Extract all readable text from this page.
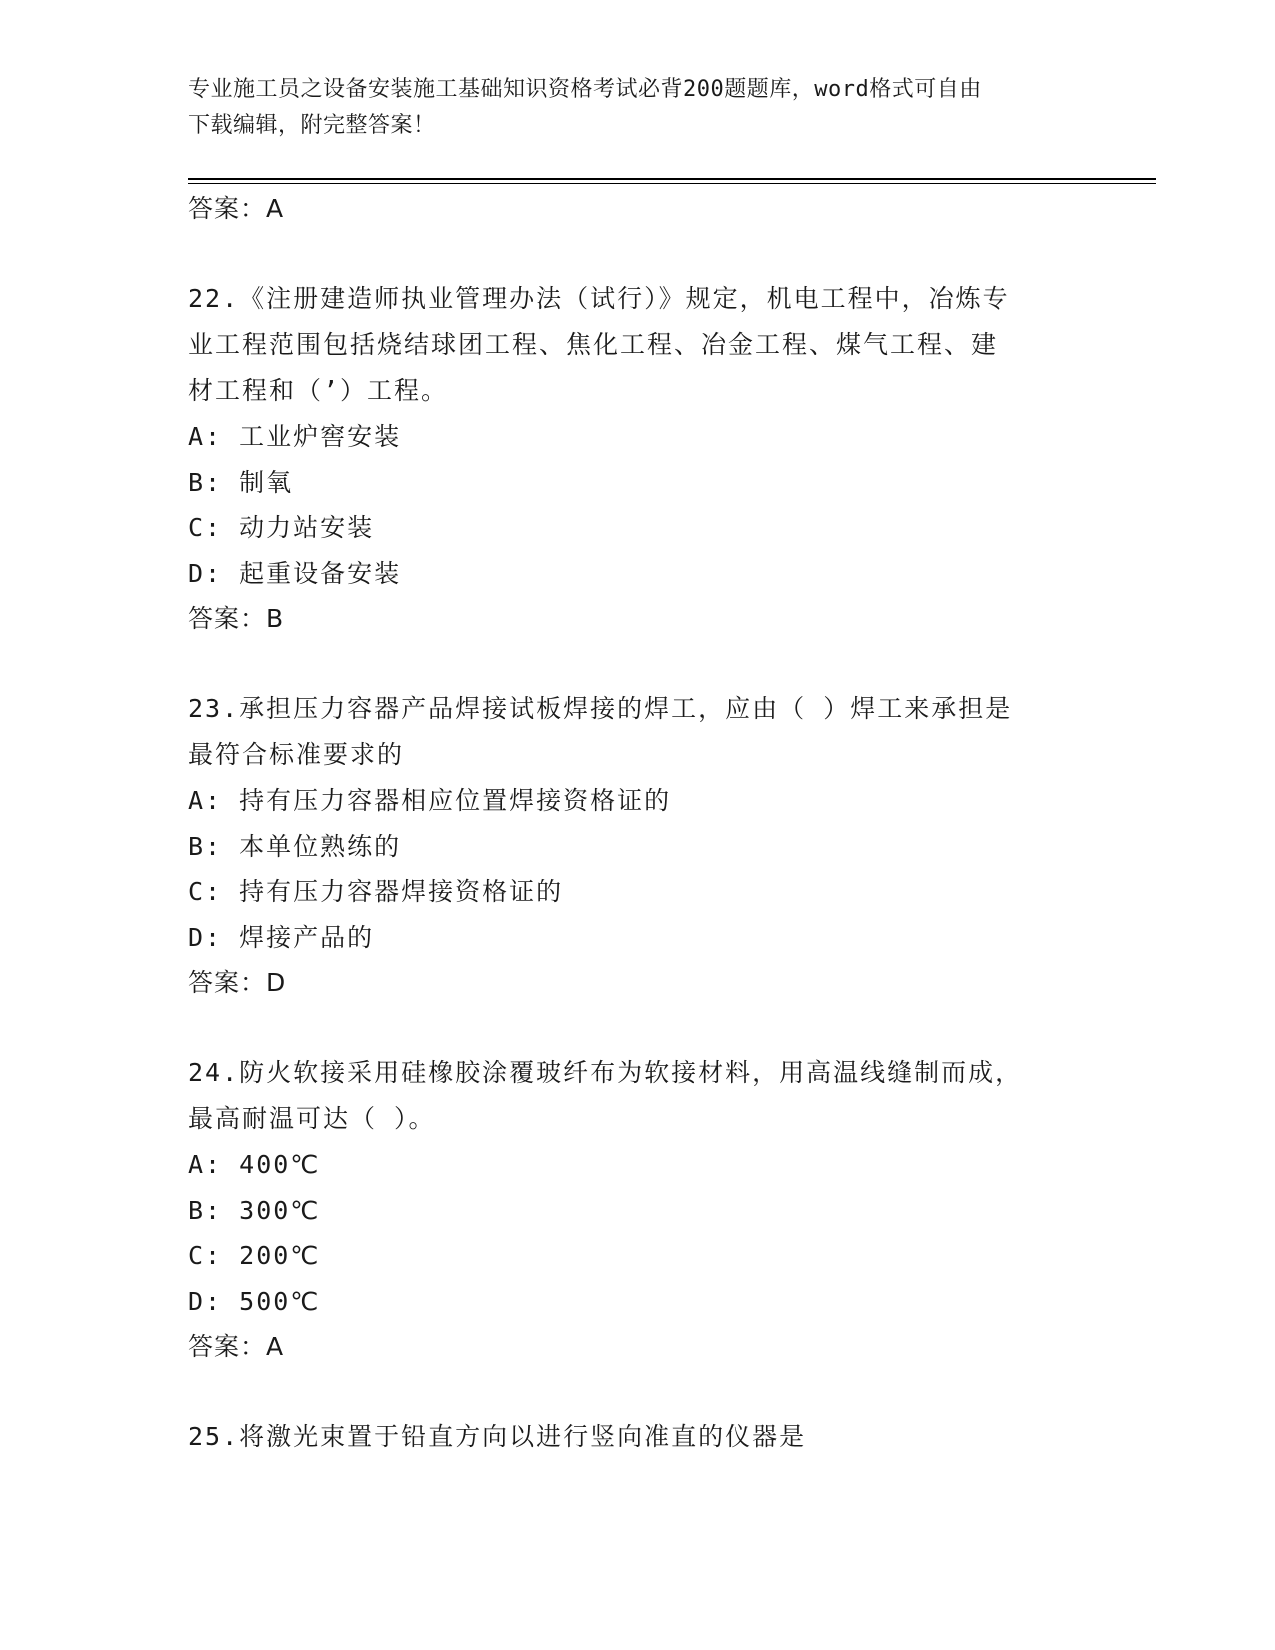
专业施工员之设备安装施工基础知识资格考试必背200题题库，word格式可自由
下载编辑，附完整答案！
答案：A
22.《注册建造师执业管理办法（试行）》规定，机电工程中，冶炼专
业工程范围包括烧结球团工程、焦化工程、冶金工程、煤气工程、建
材工程和（’）工程。
A: 工业炉窖安装
B: 制氧
C: 动力站安装
D: 起重设备安装
答案：B
23.承担压力容器产品焊接试板焊接的焊工，应由（ ）焊工来承担是
最符合标准要求的
A: 持有压力容器相应位置焊接资格证的
B: 本单位熟练的
C: 持有压力容器焊接资格证的
D: 焊接产品的
答案：D
24.防火软接采用硅橡胶涂覆玻纤布为软接材料，用高温线缝制而成，
最高耐温可达（ ）。
A: 400℃
B: 300℃
C: 200℃
D: 500℃
答案：A
25.将激光束置于铅直方向以进行竖向准直的仪器是
